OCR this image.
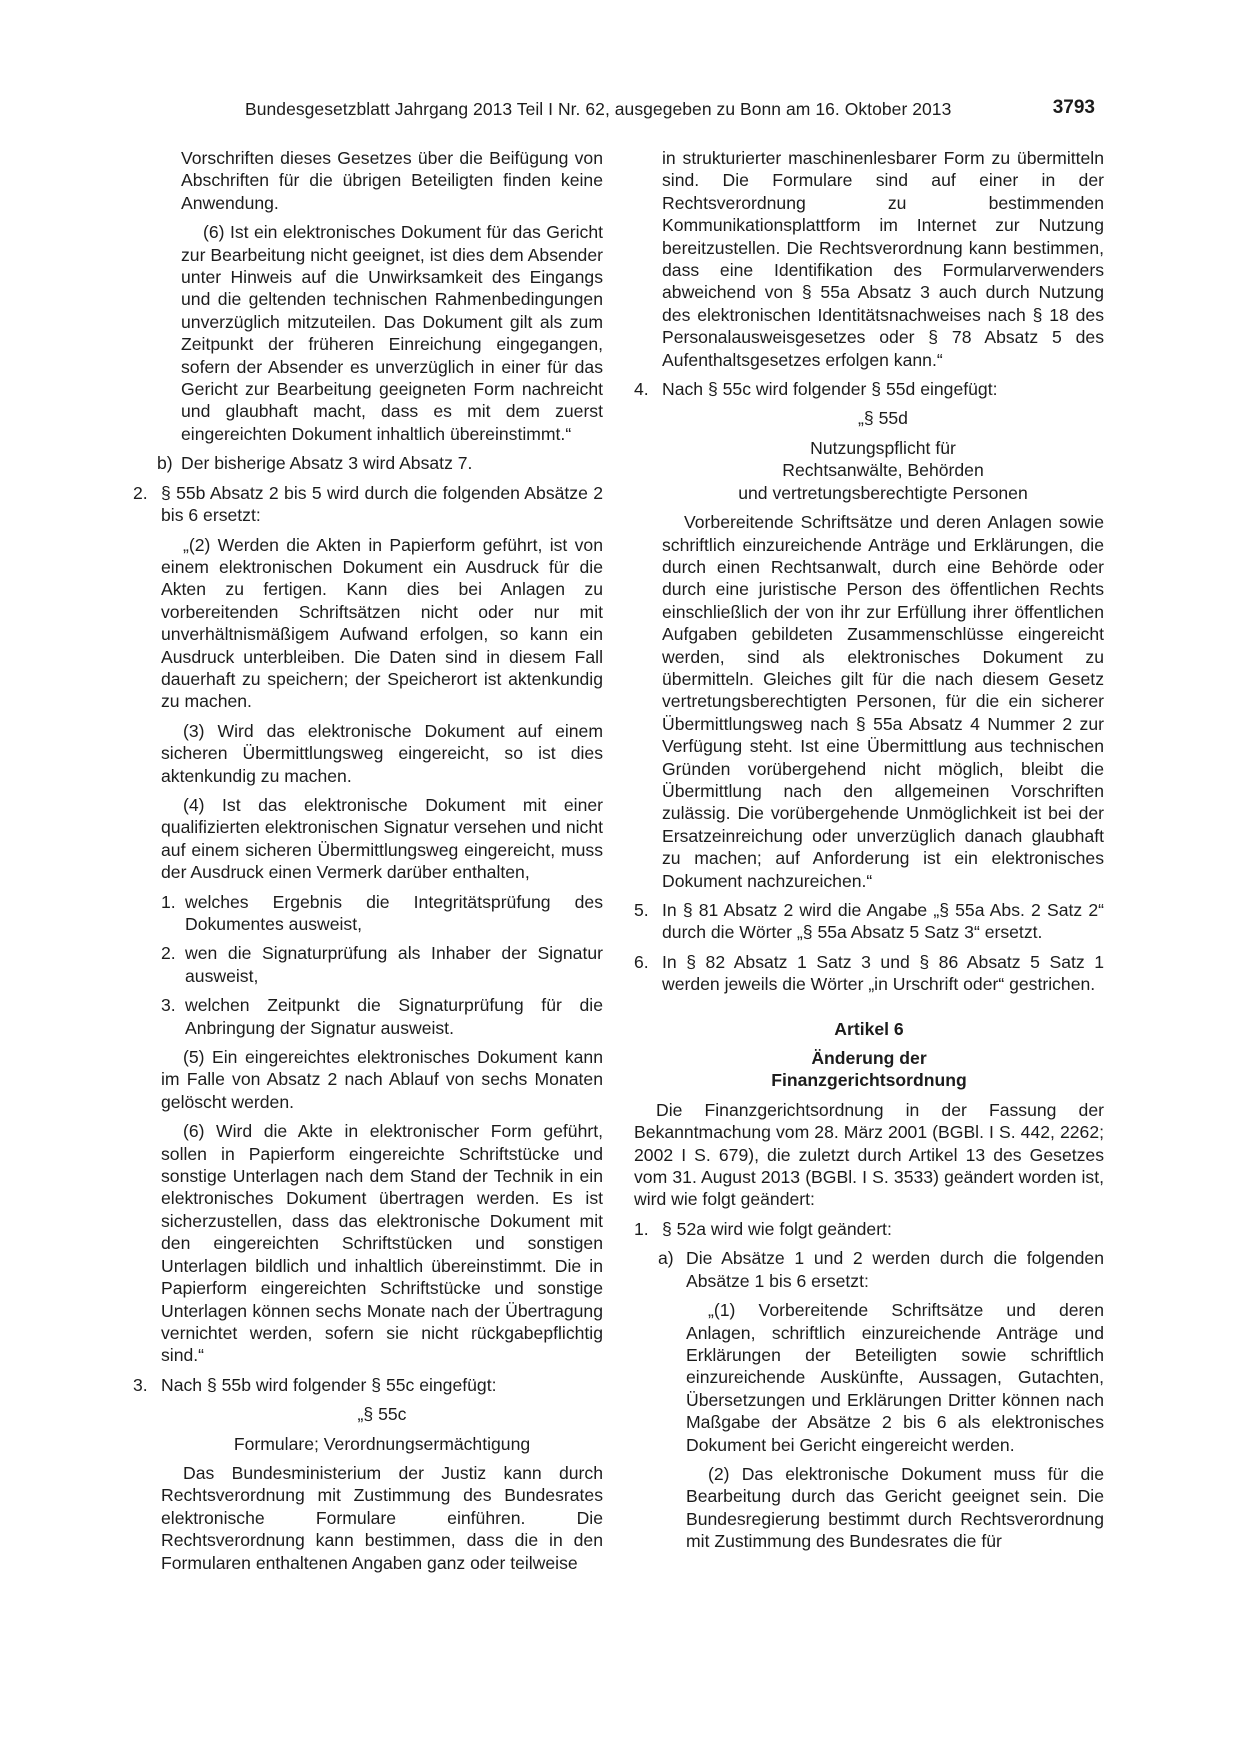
Bundesgesetzblatt Jahrgang 2013 Teil I Nr. 62, ausgegeben zu Bonn am 16. Oktober 2013	3793

Vorschriften dieses Gesetzes über die Beifügung von Abschriften für die übrigen Beteiligten finden keine Anwendung.

(6) Ist ein elektronisches Dokument für das Gericht zur Bearbeitung nicht geeignet, ist dies dem Absender unter Hinweis auf die Unwirksamkeit des Eingangs und die geltenden technischen Rahmenbedingungen unverzüglich mitzuteilen. Das Dokument gilt als zum Zeitpunkt der früheren Einreichung eingegangen, sofern der Absender es unverzüglich in einer für das Gericht zur Bearbeitung geeigneten Form nachreicht und glaubhaft macht, dass es mit dem zuerst eingereichten Dokument inhaltlich übereinstimmt.“

b) Der bisherige Absatz 3 wird Absatz 7.
2. § 55b Absatz 2 bis 5 wird durch die folgenden Absätze 2 bis 6 ersetzt:

„(2) Werden die Akten in Papierform geführt, ist von einem elektronischen Dokument ein Ausdruck für die Akten zu fertigen. Kann dies bei Anlagen zu vorbereitenden Schriftsätzen nicht oder nur mit unverhältnismäßigem Aufwand erfolgen, so kann ein Ausdruck unterbleiben. Die Daten sind in diesem Fall dauerhaft zu speichern; der Speicherort ist aktenkundig zu machen.

(3) Wird das elektronische Dokument auf einem sicheren Übermittlungsweg eingereicht, so ist dies aktenkundig zu machen.

(4) Ist das elektronische Dokument mit einer qualifizierten elektronischen Signatur versehen und nicht auf einem sicheren Übermittlungsweg eingereicht, muss der Ausdruck einen Vermerk darüber enthalten,

1. welches Ergebnis die Integritätsprüfung des Dokumentes ausweist,
2. wen die Signaturprüfung als Inhaber der Signatur ausweist,
3. welchen Zeitpunkt die Signaturprüfung für die Anbringung der Signatur ausweist.

(5) Ein eingereichtes elektronisches Dokument kann im Falle von Absatz 2 nach Ablauf von sechs Monaten gelöscht werden.

(6) Wird die Akte in elektronischer Form geführt, sollen in Papierform eingereichte Schriftstücke und sonstige Unterlagen nach dem Stand der Technik in ein elektronisches Dokument übertragen werden. Es ist sicherzustellen, dass das elektronische Dokument mit den eingereichten Schriftstücken und sonstigen Unterlagen bildlich und inhaltlich übereinstimmt. Die in Papierform eingereichten Schriftstücke und sonstige Unterlagen können sechs Monate nach der Übertragung vernichtet werden, sofern sie nicht rückgabepflichtig sind.“

3. Nach § 55b wird folgender § 55c eingefügt:

„§ 55c

Formulare; Verordnungsermächtigung

Das Bundesministerium der Justiz kann durch Rechtsverordnung mit Zustimmung des Bundesrates elektronische Formulare einführen. Die Rechtsverordnung kann bestimmen, dass die in den Formularen enthaltenen Angaben ganz oder teilweise

in strukturierter maschinenlesbarer Form zu übermitteln sind. Die Formulare sind auf einer in der Rechtsverordnung zu bestimmenden Kommunikationsplattform im Internet zur Nutzung bereitzustellen. Die Rechtsverordnung kann bestimmen, dass eine Identifikation des Formularverwenders abweichend von § 55a Absatz 3 auch durch Nutzung des elektronischen Identitätsnachweises nach § 18 des Personalausweisgesetzes oder § 78 Absatz 5 des Aufenthaltsgesetzes erfolgen kann.“

4. Nach § 55c wird folgender § 55d eingefügt:

„§ 55d

Nutzungspflicht für
Rechtsanwälte, Behörden
und vertretungsberechtigte Personen

Vorbereitende Schriftsätze und deren Anlagen sowie schriftlich einzureichende Anträge und Erklärungen, die durch einen Rechtsanwalt, durch eine Behörde oder durch eine juristische Person des öffentlichen Rechts einschließlich der von ihr zur Erfüllung ihrer öffentlichen Aufgaben gebildeten Zusammenschlüsse eingereicht werden, sind als elektronisches Dokument zu übermitteln. Gleiches gilt für die nach diesem Gesetz vertretungsberechtigten Personen, für die ein sicherer Übermittlungsweg nach § 55a Absatz 4 Nummer 2 zur Verfügung steht. Ist eine Übermittlung aus technischen Gründen vorübergehend nicht möglich, bleibt die Übermittlung nach den allgemeinen Vorschriften zulässig. Die vorübergehende Unmöglichkeit ist bei der Ersatzeinreichung oder unverzüglich danach glaubhaft zu machen; auf Anforderung ist ein elektronisches Dokument nachzureichen.“

5. In § 81 Absatz 2 wird die Angabe „§ 55a Abs. 2 Satz 2“ durch die Wörter „§ 55a Absatz 5 Satz 3“ ersetzt.
6. In § 82 Absatz 1 Satz 3 und § 86 Absatz 5 Satz 1 werden jeweils die Wörter „in Urschrift oder“ gestrichen.
Artikel 6
Änderung der
Finanzgerichtsordnung

Die Finanzgerichtsordnung in der Fassung der Bekanntmachung vom 28. März 2001 (BGBl. I S. 442, 2262; 2002 I S. 679), die zuletzt durch Artikel 13 des Gesetzes vom 31. August 2013 (BGBl. I S. 3533) geändert worden ist, wird wie folgt geändert:

1. § 52a wird wie folgt geändert:
a) Die Absätze 1 und 2 werden durch die folgenden Absätze 1 bis 6 ersetzt:

„(1) Vorbereitende Schriftsätze und deren Anlagen, schriftlich einzureichende Anträge und Erklärungen der Beteiligten sowie schriftlich einzureichende Auskünfte, Aussagen, Gutachten, Übersetzungen und Erklärungen Dritter können nach Maßgabe der Absätze 2 bis 6 als elektronisches Dokument bei Gericht eingereicht werden.

(2) Das elektronische Dokument muss für die Bearbeitung durch das Gericht geeignet sein. Die Bundesregierung bestimmt durch Rechtsverordnung mit Zustimmung des Bundesrates die für
